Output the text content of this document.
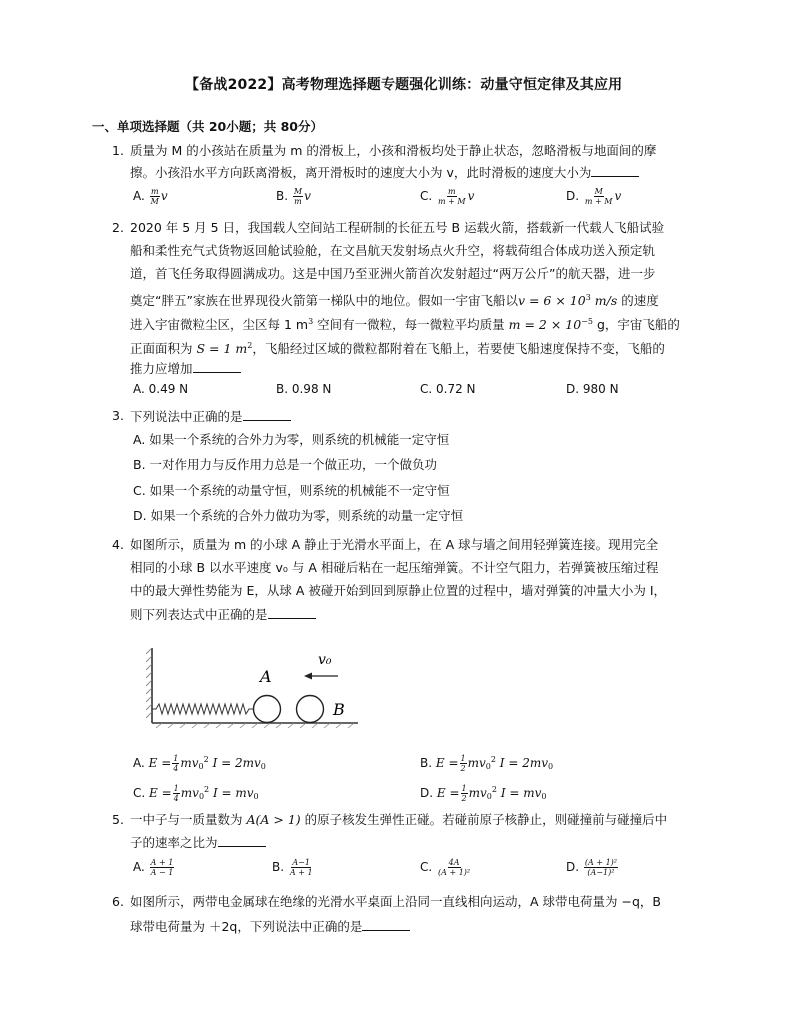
【备战2022】高考物理选择题专题强化训练：动量守恒定律及其应用
一、单项选择题（共 20小题；共 80分）
1. 质量为 M 的小孩站在质量为 m 的滑板上，小孩和滑板均处于静止状态，忽略滑板与地面间的摩
擦。小孩沿水平方向跃离滑板，离开滑板时的速度大小为 v，此时滑板的速度大小为
A. $\frac{m}{M}$ v	B. $\frac{M}{m}$ v	C. $\frac{m}{m + M}$ v	D. $\frac{M}{m + M}$ v
2. 2020 年 5 月 5 日，我国载人空间站工程研制的长征五号 B 运载火箭，搭载新一代载人飞船试验
船和柔性充气式货物返回舱试验舱，在文昌航天发射场点火升空，将载荷组合体成功送入预定轨
道，首飞任务取得圆满成功。这是中国乃至亚洲火箭首次发射超过“两万公斤”的航天器，进一步
奠定“胖五”家族在世界现役火箭第一梯队中的地位。假如一宇宙飞船以$v = 6 \times 10^3$ m/s 的速度
进入宇宙微粒尘区，尘区每 1 $m^3$ 空间有一微粒，每一微粒平均质量 $m = 2 \times 10^{-5}$ g，宇宙飞船的
正面面积为 S = 1 $m^2$，飞船经过区域的微粒都附着在飞船上，若要使飞船速度保持不变，飞船的
推力应增加
A. 0.49 N	B. 0.98 N	C. 0.72 N	D. 980 N
3. 下列说法中正确的是
A. 如果一个系统的合外力为零，则系统的机械能一定守恒
B. 一对作用力与反作用力总是一个做正功，一个做负功
C. 如果一个系统的动量守恒，则系统的机械能不一定守恒
D. 如果一个系统的合外力做功为零，则系统的动量一定守恒
4. 如图所示，质量为 m 的小球 A 静止于光滑水平面上，在 A 球与墙之间用轻弹簧连接。现用完全
相同的小球 B 以水平速度 v₀ 与 A 相碰后粘在一起压缩弹簧。不计空气阻力，若弹簧被压缩过程
中的最大弹性势能为 E，从球 A 被碰开始到回到原静止位置的过程中，墙对弹簧的冲量大小为 I，
则下列表达式中正确的是
A
B
v₀
A. $E = \frac{1}{4} mv_0^2$ $I = 2mv_0$	B. $E = \frac{1}{2} mv_0^2$ $I = 2mv_0$
C. $E = \frac{1}{4} mv_0^2$ $I = mv_0$	D. $E = \frac{1}{2} mv_0^2$ $I = mv_0$
5. 一中子与一质量数为 A(A > 1) 的原子核发生弹性正碰。若碰前原子核静止，则碰撞前与碰撞后中
子的速率之比为
A. $\frac{A + 1}{A - 1}$	B. $\frac{A-1}{A + 1}$	C. $\frac{4A}{\text{(A + 1)²}}$	D. $\frac{\text{(A + 1)²}}{\text{(A−1)²}}$
6. 如图所示，两带电金属球在绝缘的光滑水平桌面上沿同一直线相向运动，A 球带电荷量为 −q，B
球带电荷量为 ＋2q，下列说法中正确的是
